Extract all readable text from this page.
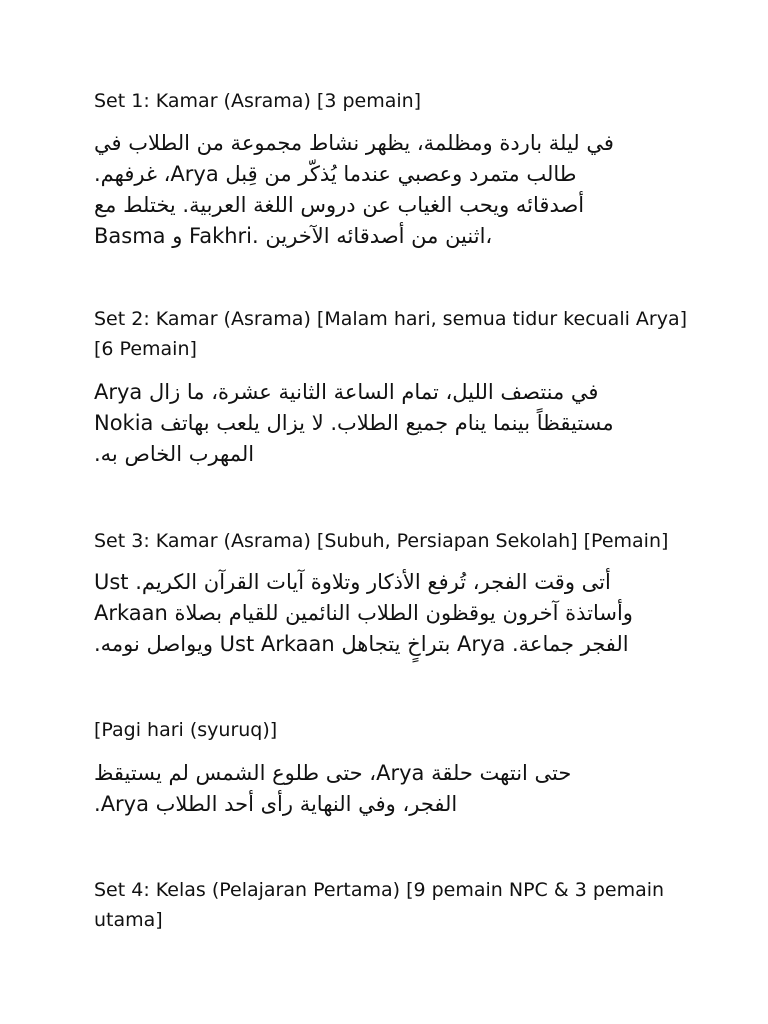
Set 1: Kamar (Asrama) [3 pemain]
في ليلة باردة ومظلمة، يظهر نشاط مجموعة من الطلاب في
طالب متمرد وعصبي عندما يُذكّر من قِبل Arya، غرفهم.
أصدقائه ويحب الغياب عن دروس اللغة العربية. يختلط مع
Basma و Fakhri. اثنين من أصدقائه الآخرين،
Set 2: Kamar (Asrama) [Malam hari, semua tidur kecuali Arya] [6 Pemain]
في منتصف الليل، تمام الساعة الثانية عشرة، ما زال Arya
مستيقظاً بينما ينام جميع الطلاب. لا يزال يلعب بهاتف Nokia
المهرب الخاص به.
Set 3: Kamar (Asrama) [Subuh, Persiapan Sekolah] [Pemain]
أتى وقت الفجر، تُرفع الأذكار وتلاوة آيات القرآن الكريم. Ust
Arkaan وأساتذة آخرون يوقظون الطلاب النائمين للقيام بصلاة
الفجر جماعة. Arya بتراخٍ يتجاهل Ust Arkaan ويواصل نومه.
[Pagi hari (syuruq)]
حتى انتهت حلقة Arya، حتى طلوع الشمس لم يستيقظ
الفجر، وفي النهاية رأى أحد الطلاب Arya.
Set 4: Kelas (Pelajaran Pertama) [9 pemain NPC & 3 pemain utama]
